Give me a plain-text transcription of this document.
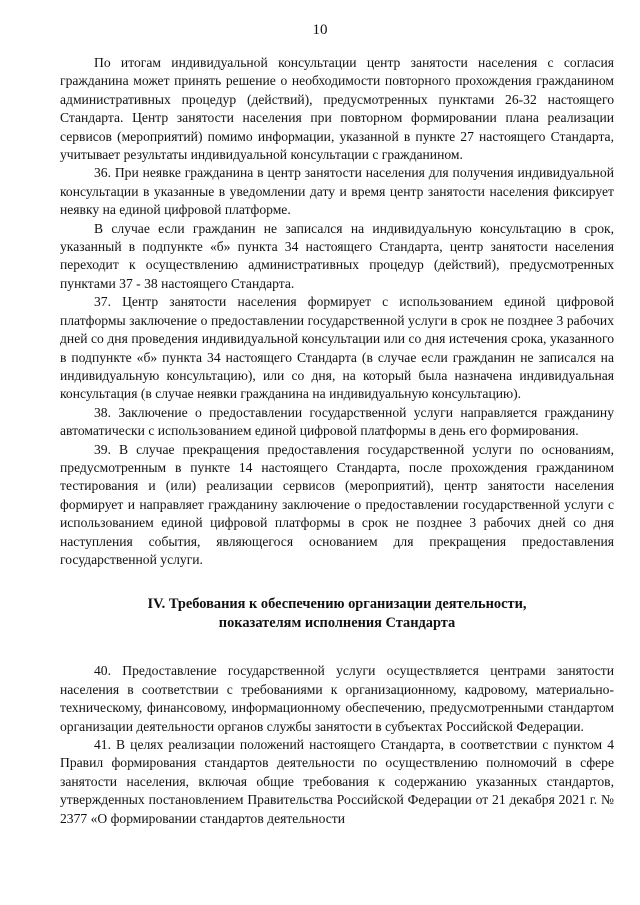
10

По итогам индивидуальной консультации центр занятости населения с согласия гражданина может принять решение о необходимости повторного прохождения гражданином административных процедур (действий), предусмотренных пунктами 26-32 настоящего Стандарта. Центр занятости населения при повторном формировании плана реализации сервисов (мероприятий) помимо информации, указанной в пункте 27 настоящего Стандарта, учитывает результаты индивидуальной консультации с гражданином.

36. При неявке гражданина в центр занятости населения для получения индивидуальной консультации в указанные в уведомлении дату и время центр занятости населения фиксирует неявку на единой цифровой платформе.

В случае если гражданин не записался на индивидуальную консультацию в срок, указанный в подпункте «б» пункта 34 настоящего Стандарта, центр занятости населения переходит к осуществлению административных процедур (действий), предусмотренных пунктами 37 - 38 настоящего Стандарта.

37. Центр занятости населения формирует с использованием единой цифровой платформы заключение о предоставлении государственной услуги в срок не позднее 3 рабочих дней со дня проведения индивидуальной консультации или со дня истечения срока, указанного в подпункте «б» пункта 34 настоящего Стандарта (в случае если гражданин не записался на индивидуальную консультацию), или со дня, на который была назначена индивидуальная консультация (в случае неявки гражданина на индивидуальную консультацию).

38. Заключение о предоставлении государственной услуги направляется гражданину автоматически с использованием единой цифровой платформы в день его формирования.

39. В случае прекращения предоставления государственной услуги по основаниям, предусмотренным в пункте 14 настоящего Стандарта, после прохождения гражданином тестирования и (или) реализации сервисов (мероприятий), центр занятости населения формирует и направляет гражданину заключение о предоставлении государственной услуги с использованием единой цифровой платформы в срок не позднее 3 рабочих дней со дня наступления события, являющегося основанием для прекращения предоставления государственной услуги.

IV. Требования к обеспечению организации деятельности,
показателям исполнения Стандарта

40. Предоставление государственной услуги осуществляется центрами занятости населения в соответствии с требованиями к организационному, кадровому, материально-техническому, финансовому, информационному обеспечению, предусмотренными стандартом организации деятельности органов службы занятости в субъектах Российской Федерации.

41. В целях реализации положений настоящего Стандарта, в соответствии с пунктом 4 Правил формирования стандартов деятельности по осуществлению полномочий в сфере занятости населения, включая общие требования к содержанию указанных стандартов, утвержденных постановлением Правительства Российской Федерации от 21 декабря 2021 г. № 2377 «О формировании стандартов деятельности
